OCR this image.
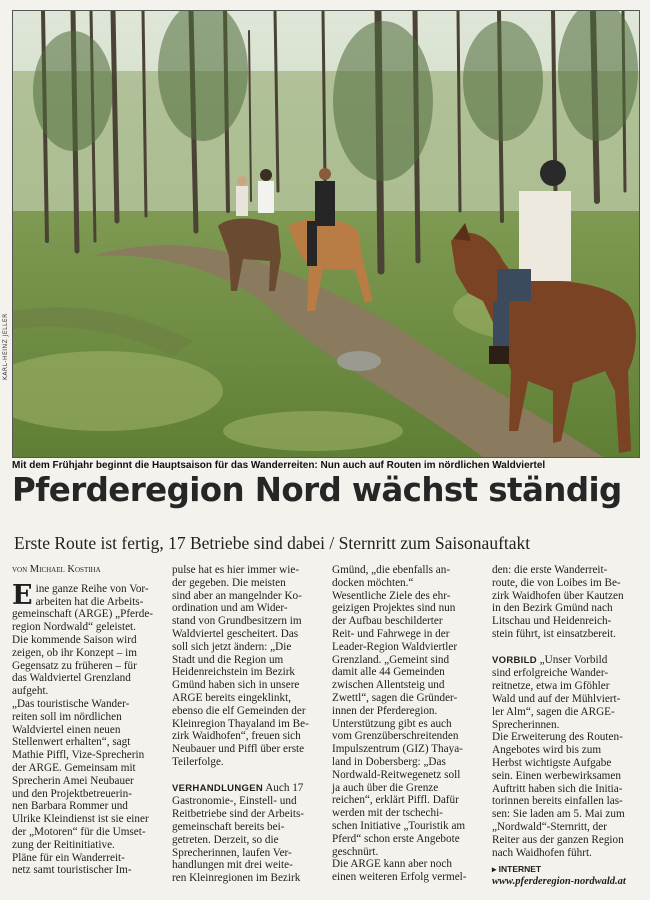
KARL-HEINZ JELLER
Mit dem Frühjahr beginnt die Hauptsaison für das Wanderreiten: Nun auch auf Routen im nördlichen Waldviertel
Pferderegion Nord wächst ständig
Erste Route ist fertig, 17 Betriebe sind dabei / Sternritt zum Saisonauftakt

von Michael Kostiha

E ine ganze Reihe von Vor-

arbeiten hat die Arbeits-

gemeinschaft (ARGE) „Pferde-

region Nordwald“ geleistet.

Die kommende Saison wird

zeigen, ob ihr Konzept – im

Gegensatz zu früheren – für

das Waldviertel Grenzland

aufgeht.

„Das touristische Wander-

reiten soll im nördlichen

Waldviertel einen neuen

Stellenwert erhalten“, sagt

Mathie Piffl, Vize-Sprecherin

der ARGE. Gemeinsam mit

Sprecherin Amei Neubauer

und den Projektbetreuerin-

nen Barbara Rommer und

Ulrike Kleindienst ist sie einer

der „Motoren“ für die Umset-

zung der Reitinitiative.

Pläne für ein Wanderreit-

netz samt touristischer Im-

pulse hat es hier immer wie-

der gegeben. Die meisten

sind aber an mangelnder Ko-

ordination und am Wider-

stand von Grundbesitzern im

Waldviertel gescheitert. Das

soll sich jetzt ändern: „Die

Stadt und die Region um

Heidenreichstein im Bezirk

Gmünd haben sich in unsere

ARGE bereits eingeklinkt,

ebenso die elf Gemeinden der

Kleinregion Thayaland im Be-

zirk Waidhofen“, freuen sich

Neubauer und Piffl über erste

Teilerfolge.

VERHANDLUNGEN Auch 17

Gastronomie-, Einstell- und

Reitbetriebe sind der Arbeits-

gemeinschaft bereits bei-

getreten. Derzeit, so die

Sprecherinnen, laufen Ver-

handlungen mit drei weite-

ren Kleinregionen im Bezirk

Gmünd, „die ebenfalls an-

docken möchten.“

Wesentliche Ziele des ehr-

geizigen Projektes sind nun

der Aufbau beschilderter

Reit- und Fahrwege in der

Leader-Region Waldviertler

Grenzland. „Gemeint sind

damit alle 44 Gemeinden

zwischen Allentsteig und

Zwettl“, sagen die Gründer-

innen der Pferderegion.

Unterstützung gibt es auch

vom Grenzüberschreitenden

Impulszentrum (GIZ) Thaya-

land in Dobersberg: „Das

Nordwald-Reitwegenetz soll

ja auch über die Grenze

reichen“, erklärt Piffl. Dafür

werden mit der tschechi-

schen Initiative „Touristik am

Pferd“ schon erste Angebote

geschnürt.

Die ARGE kann aber noch

einen weiteren Erfolg vermel-

den: die erste Wanderreit-

route, die von Loibes im Be-

zirk Waidhofen über Kautzen

in den Bezirk Gmünd nach

Litschau und Heidenreich-

stein führt, ist einsatzbereit.

VORBILD „Unser Vorbild

sind erfolgreiche Wander-

reitnetze, etwa im Gföhler

Wald und auf der Mühlviert-

ler Alm“, sagen die ARGE-

Sprecherinnen.

Die Erweiterung des Routen-

Angebotes wird bis zum

Herbst wichtigste Aufgabe

sein. Einen werbewirksamen

Auftritt haben sich die Initia-

torinnen bereits einfallen las-

sen: Sie laden am 5. Mai zum

„Nordwald“-Sternritt, der

Reiter aus der ganzen Region

nach Waidhofen führt.

▸ INTERNET

www.pferderegion-nordwald.at
